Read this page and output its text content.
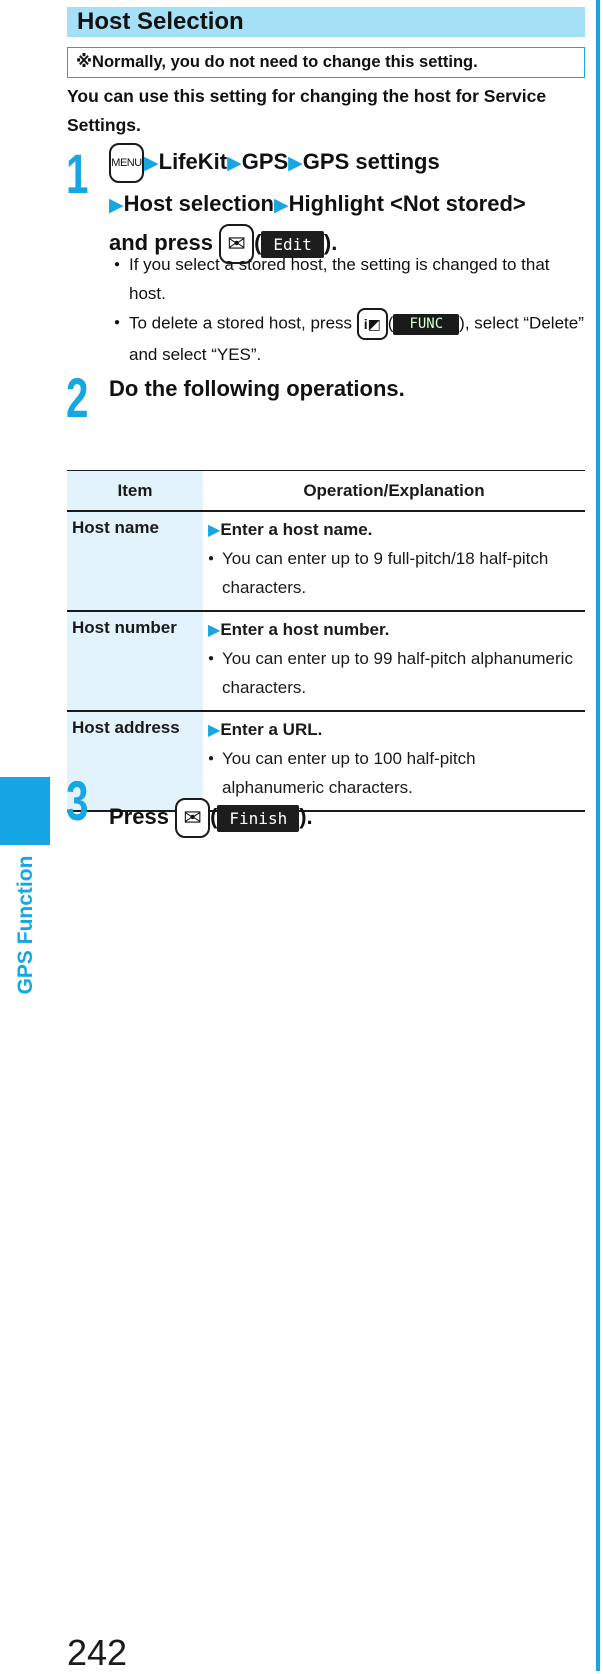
GPS Function
Host Selection
※Normally, you do not need to change this setting.
You can use this setting for changing the host for Service Settings.
1 MENU ▶LifeKit▶GPS▶GPS settings
▶Host selection▶Highlight <Not stored>
and press ✉ ( Edit ).
● If you select a stored host, the setting is changed to that host.
● To delete a stored host, press i◩ ( FUNC ), select “Delete” and select “YES”.
2 Do the following operations.
Item	Operation/Explanation
Host name	▶Enter a host name.
● You can enter up to 9 full-pitch/18 half-pitch characters.

Host number	▶Enter a host number.
● You can enter up to 99 half-pitch alphanumeric characters.

Host address	▶Enter a URL.
● You can enter up to 100 half-pitch alphanumeric characters.
3 Press ✉ ( Finish ).
242
